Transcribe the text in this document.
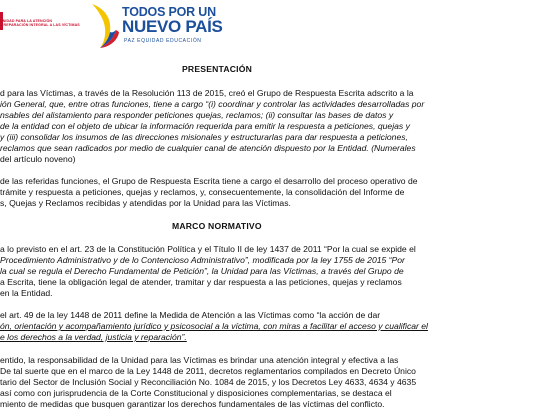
UNIDAD PARA LA ATENCIÓN
Y REPARACIÓN INTEGRAL A LAS VÍCTIMAS
TODOS POR UN
NUEVO PAÍS
PAZ EQUIDAD EDUCACIÓN
PRESENTACIÓN
d para las Víctimas, a través de la Resolución 113 de 2015, creó el Grupo de Respuesta Escrita adscrito a la
ión General, que, entre otras funciones, tiene a cargo “(i) coordinar y controlar las actividades desarrolladas por
nsables del alistamiento para responder peticiones quejas, reclamos; (ii) consultar las bases de datos y
de la entidad con el objeto de ubicar la información requerida para emitir la respuesta a peticiones, quejas y
y (iii) consolidar los insumos de las direcciones misionales y estructurarlas para dar respuesta a peticiones,
reclamos que sean radicados por medio de cualquier canal de atención dispuesto por la Entidad. (Numerales
del artículo noveno)
de las referidas funciones, el Grupo de Respuesta Escrita tiene a cargo el desarrollo del proceso operativo de
trámite y respuesta a peticiones, quejas y reclamos, y, consecuentemente, la consolidación del Informe de
s, Quejas y Reclamos recibidas y atendidas por la Unidad para las Víctimas.
MARCO NORMATIVO
a lo previsto en el art. 23 de la Constitución Política y el Título II de ley 1437 de 2011 “Por la cual se expide el
Procedimiento Administrativo y de lo Contencioso Administrativo”, modificada por la ley 1755 de 2015 “Por
la cual se regula el Derecho Fundamental de Petición”, la Unidad para las Víctimas, a través del Grupo de
a Escrita, tiene la obligación legal de atender, tramitar y dar respuesta a las peticiones, quejas y reclamos
en la Entidad.
el art. 49 de la ley 1448 de 2011 define la Medida de Atención a las Víctimas como “la acción de dar
ón, orientación y acompañamiento jurídico y psicosocial a la víctima, con miras a facilitar el acceso y cualificar el
e los derechos a la verdad, justicia y reparación”.
entido, la responsabilidad de la Unidad para las Víctimas es brindar una atención integral y efectiva a las
De tal suerte que en el marco de la Ley 1448 de 2011, decretos reglamentarios compilados en Decreto Único
tario del Sector de Inclusión Social y Reconciliación No. 1084 de 2015, y los Decretos Ley 4633, 4634 y 4635
así como con jurisprudencia de la Corte Constitucional y disposiciones complementarias, se destaca el
miento de medidas que busquen garantizar los derechos fundamentales de las víctimas del conflicto.
